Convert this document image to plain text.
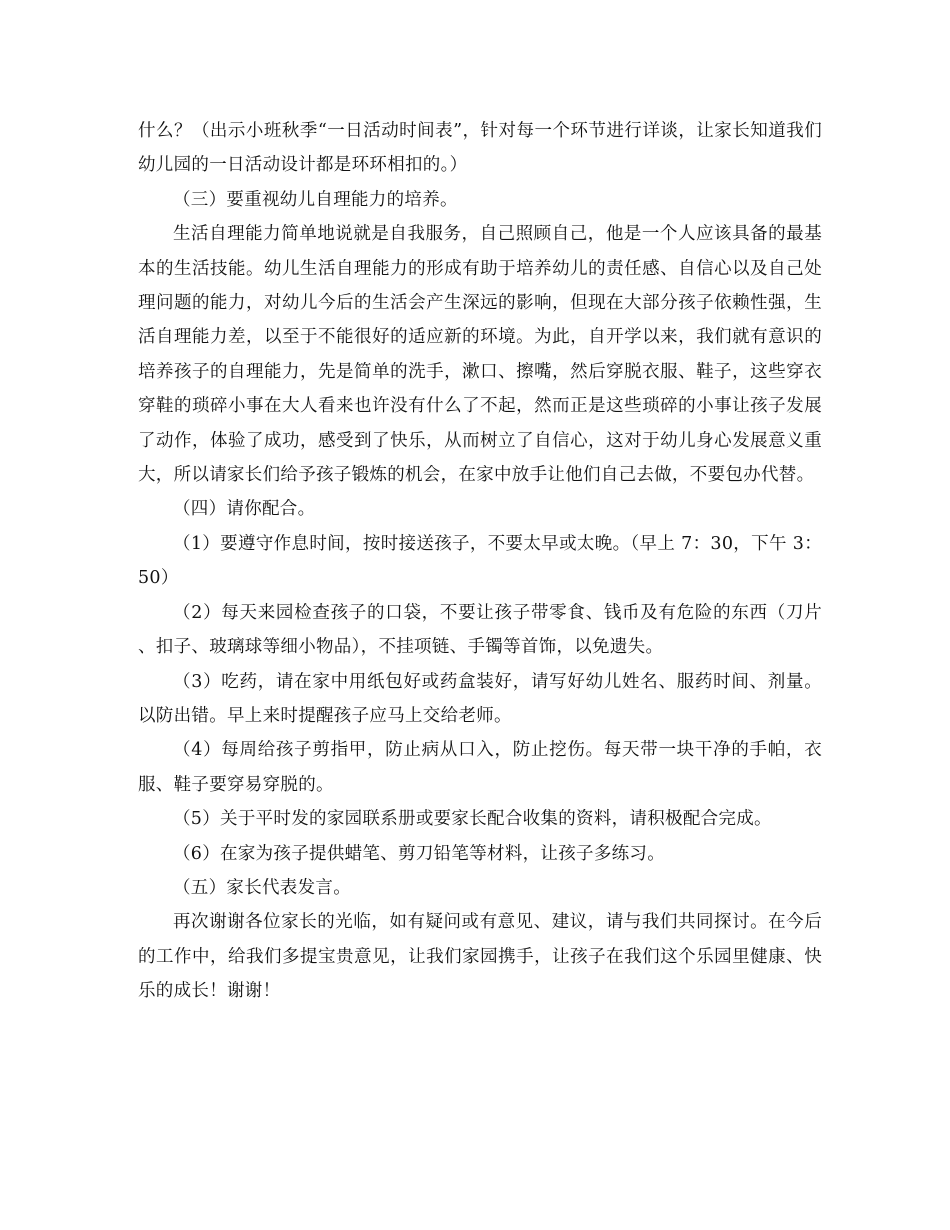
什么？（出示小班秋季“一日活动时间表”，针对每一个环节进行详谈，让家长知道我们幼儿园的一日活动设计都是环环相扣的。）

（三）要重视幼儿自理能力的培养。

生活自理能力简单地说就是自我服务，自己照顾自己，他是一个人应该具备的最基本的生活技能。幼儿生活自理能力的形成有助于培养幼儿的责任感、自信心以及自己处理问题的能力，对幼儿今后的生活会产生深远的影响，但现在大部分孩子依赖性强，生活自理能力差，以至于不能很好的适应新的环境。为此，自开学以来，我们就有意识的培养孩子的自理能力，先是简单的洗手，漱口、擦嘴，然后穿脱衣服、鞋子，这些穿衣穿鞋的琐碎小事在大人看来也许没有什么了不起，然而正是这些琐碎的小事让孩子发展了动作，体验了成功，感受到了快乐，从而树立了自信心，这对于幼儿身心发展意义重大，所以请家长们给予孩子锻炼的机会，在家中放手让他们自己去做，不要包办代替。

（四）请你配合。

（1）要遵守作息时间，按时接送孩子，不要太早或太晚。（早上 7：30，下午 3：50）

（2）每天来园检查孩子的口袋，不要让孩子带零食、钱币及有危险的东西（刀片、扣子、玻璃球等细小物品），不挂项链、手镯等首饰，以免遗失。

（3）吃药，请在家中用纸包好或药盒装好，请写好幼儿姓名、服药时间、剂量。以防出错。早上来时提醒孩子应马上交给老师。

（4）每周给孩子剪指甲，防止病从口入，防止挖伤。每天带一块干净的手帕，衣服、鞋子要穿易穿脱的。

（5）关于平时发的家园联系册或要家长配合收集的资料，请积极配合完成。

（6）在家为孩子提供蜡笔、剪刀铅笔等材料，让孩子多练习。

（五）家长代表发言。

再次谢谢各位家长的光临，如有疑问或有意见、建议，请与我们共同探讨。在今后的工作中，给我们多提宝贵意见，让我们家园携手，让孩子在我们这个乐园里健康、快乐的成长！谢谢！
